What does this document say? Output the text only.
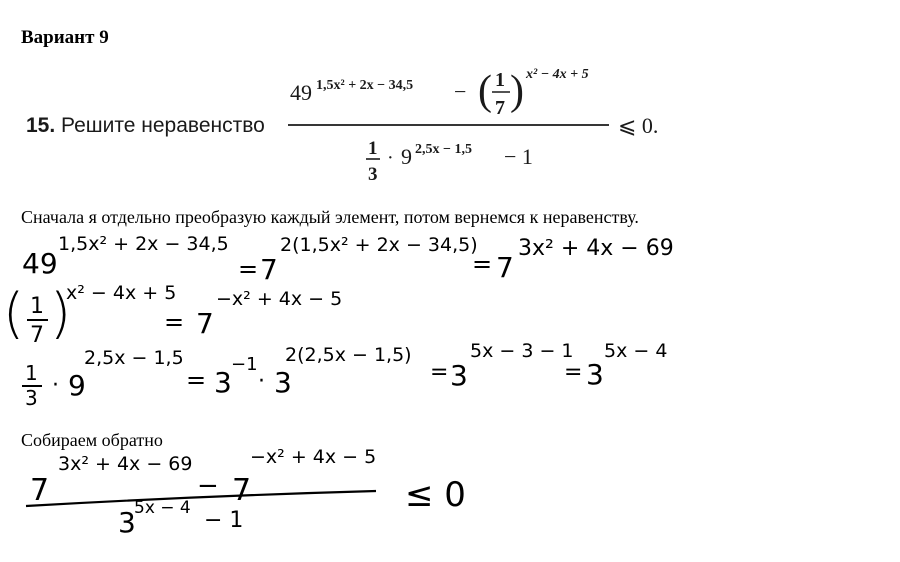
Вариант 9
15. Решите неравенство
49 1,5x² + 2x − 34,5 − ( 1
7 ) x² − 4x + 5
⩽ 0.
1
3
· 9 2,5x − 1,5 − 1
Сначала я отдельно преобразую каждый элемент, потом вернемся к неравенству.
49
1,5x² + 2x − 34,5
= 7
2(1,5x² + 2x − 34,5)
= 7
3x² + 4x − 69
( 1
7 )
x² − 4x + 5
= 7
−x² + 4x − 5
1
3 · 9
2,5x − 1,5
= 3
−1
· 3
2(2,5x − 1,5)
= 3
5x − 3 − 1
= 3
5x − 4
7
3x² + 4x − 69
− 7
−x² + 4x − 5
3
5x − 4 − 1
≤ 0
Собираем обратно
